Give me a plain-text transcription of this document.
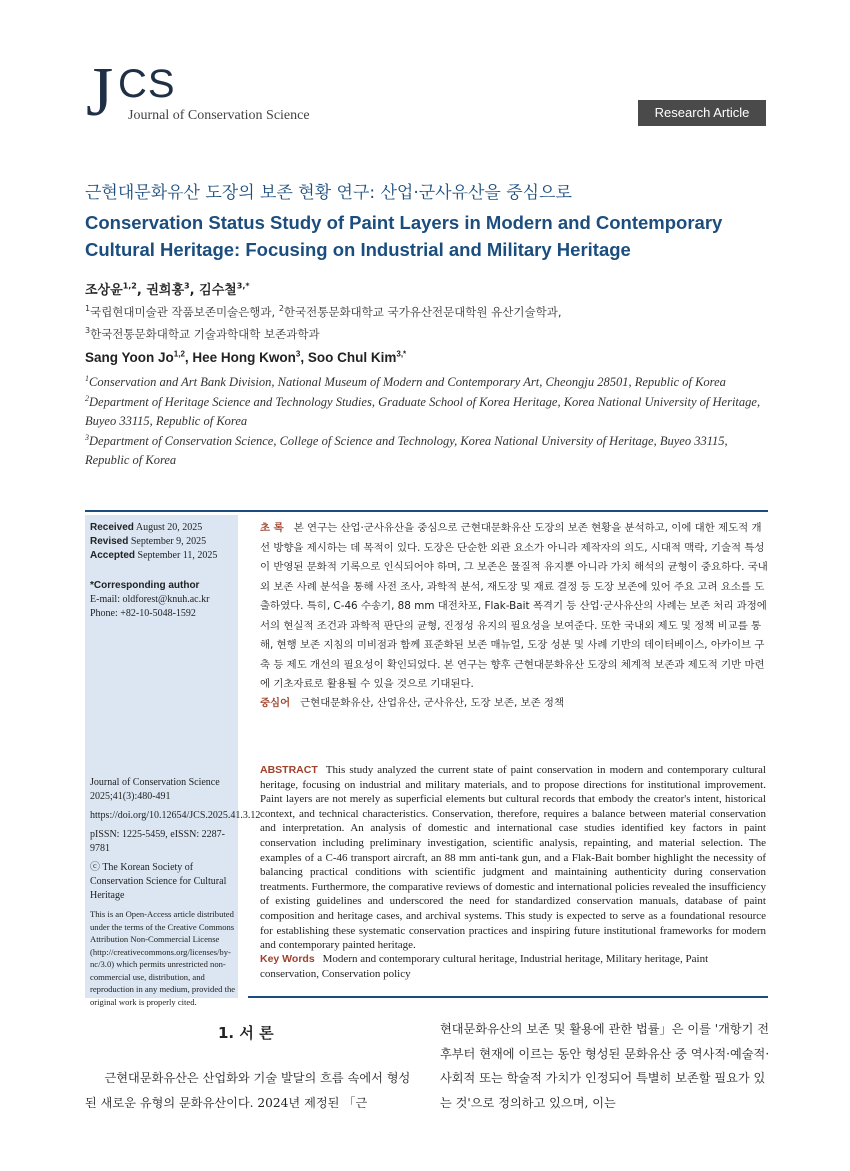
J CS
Journal of Conservation Science	Research Article
근현대문화유산 도장의 보존 현황 연구: 산업·군사유산을 중심으로
Conservation Status Study of Paint Layers in Modern and Contemporary Cultural Heritage: Focusing on Industrial and Military Heritage
조상윤$^{1,2}$, 권희홍$^3$, 김수철$^{3,*}$
$^1$국립현대미술관 작품보존미술은행과, $^2$한국전통문화대학교 국가유산전문대학원 유산기술학과,
$^3$한국전통문화대학교 기술과학대학 보존과학과
Sang Yoon Jo$^{1,2}$, Hee Hong Kwon$^3$, Soo Chul Kim$^{3,*}$
$^1$Conservation and Art Bank Division, National Museum of Modern and Contemporary Art, Cheongju 28501, Republic of Korea
$^2$Department of Heritage Science and Technology Studies, Graduate School of Korea Heritage, Korea National University of Heritage, Buyeo 33115, Republic of Korea
$^3$Department of Conservation Science, College of Science and Technology, Korea National University of Heritage, Buyeo 33115, Republic of Korea
Received August 20, 2025
Revised September 9, 2025
Accepted September 11, 2025
*Corresponding author
E-mail: oldforest@knuh.ac.kr
Phone: +82-10-5048-1592
Journal of Conservation Science 2025;41(3):480-491
https://doi.org/10.12654/JCS.2025.41.3.12
pISSN: 1225-5459, eISSN: 2287-9781
ⓒ The Korean Society of Conservation Science for Cultural Heritage
This is an Open-Access article distributed under the terms of the Creative Commons Attribution Non-Commercial License (http://creativecommons.org/licenses/by-nc/3.0) which permits unrestricted non-commercial use, distribution, and reproduction in any medium, provided the original work is properly cited.
초 록 본 연구는 산업·군사유산을 중심으로 근현대문화유산 도장의 보존 현황을 분석하고, 이에 대한 제도적 개선 방향을 제시하는 데 목적이 있다. 도장은 단순한 외관 요소가 아니라 제작자의 의도, 시대적 맥락, 기술적 특성이 반영된 문화적 기록으로 인식되어야 하며, 그 보존은 물질적 유지뿐 아니라 가치 해석의 균형이 중요하다. 국내외 보존 사례 분석을 통해 사전 조사, 과학적 분석, 재도장 및 재료 결정 등 도장 보존에 있어 주요 고려 요소를 도출하였다. 특히, C-46 수송기, 88 mm 대전차포, Flak-Bait 폭격기 등 산업·군사유산의 사례는 보존 처리 과정에서의 현실적 조건과 과학적 판단의 균형, 진정성 유지의 필요성을 보여준다. 또한 국내외 제도 및 정책 비교를 통해, 현행 보존 지침의 미비점과 함께 표준화된 보존 매뉴얼, 도장 성분 및 사례 기반의 데이터베이스, 아카이브 구축 등 제도 개선의 필요성이 확인되었다. 본 연구는 향후 근현대문화유산 도장의 체계적 보존과 제도적 기반 마련에 기초자료로 활용될 수 있을 것으로 기대된다.
중심어 근현대문화유산, 산업유산, 군사유산, 도장 보존, 보존 정책
ABSTRACT This study analyzed the current state of paint conservation in modern and contemporary cultural heritage, focusing on industrial and military materials, and to propose directions for institutional improvement. Paint layers are not merely as superficial elements but cultural records that embody the creator's intent, historical context, and technical characteristics. Conservation, therefore, requires a balance between material conservation and interpretation. An analysis of domestic and international case studies identified key factors in paint conservation including preliminary investigation, scientific analysis, repainting, and material selection. The examples of a C-46 transport aircraft, an 88 mm anti-tank gun, and a Flak-Bait bomber highlight the necessity of balancing practical conditions with scientific judgment and maintaining authenticity during conservation treatments. Furthermore, the comparative reviews of domestic and international policies revealed the insufficiency of existing guidelines and underscored the need for standardized conservation manuals, database of paint composition and heritage cases, and archival systems. This study is expected to serve as a foundational resource for establishing these systematic conservation practices and inspiring future institutional frameworks for modern and contemporary painted heritage.
Key Words Modern and contemporary cultural heritage, Industrial heritage, Military heritage, Paint conservation, Conservation policy
1. 서 론
근현대문화유산은 산업화와 기술 발달의 흐름 속에서 형성된 새로운 유형의 문화유산이다. 2024년 제정된 「근
현대문화유산의 보존 및 활용에 관한 법률」은 이를 '개항기 전후부터 현재에 이르는 동안 형성된 문화유산 중 역사적·예술적·사회적 또는 학술적 가치가 인정되어 특별히 보존할 필요가 있는 것'으로 정의하고 있으며, 이는
